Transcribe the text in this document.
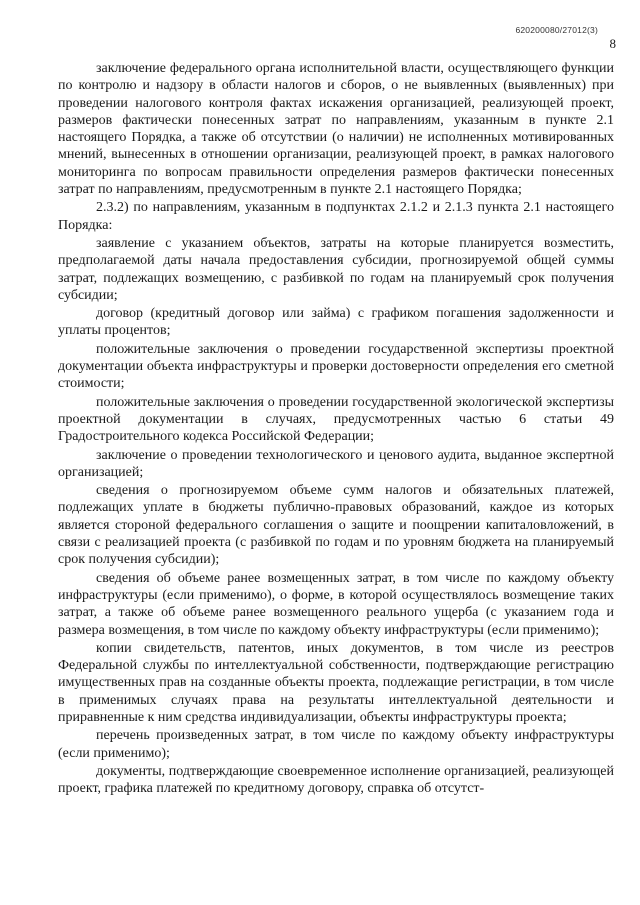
620200080/27012(3)
8

заключение федерального органа исполнительной власти, осуществляющего функции по контролю и надзору в области налогов и сборов, о не выявленных (выявленных) при проведении налогового контроля фактах искажения организацией, реализующей проект, размеров фактически понесенных затрат по направлениям, указанным в пункте 2.1 настоящего Порядка, а также об отсутствии (о наличии) не исполненных мотивированных мнений, вынесенных в отношении организации, реализующей проект, в рамках налогового мониторинга по вопросам правильности определения размеров фактически понесенных затрат по направлениям, предусмотренным в пункте 2.1 настоящего Порядка;

2.3.2) по направлениям, указанным в подпунктах 2.1.2 и 2.1.3 пункта 2.1 настоящего Порядка:

заявление с указанием объектов, затраты на которые планируется возместить, предполагаемой даты начала предоставления субсидии, прогнозируемой общей суммы затрат, подлежащих возмещению, с разбивкой по годам на планируемый срок получения субсидии;

договор (кредитный договор или займа) с графиком погашения задолженности и уплаты процентов;

положительные заключения о проведении государственной экспертизы проектной документации объекта инфраструктуры и проверки достоверности определения его сметной стоимости;

положительные заключения о проведении государственной экологической экспертизы проектной документации в случаях, предусмотренных частью 6 статьи 49 Градостроительного кодекса Российской Федерации;

заключение о проведении технологического и ценового аудита, выданное экспертной организацией;

сведения о прогнозируемом объеме сумм налогов и обязательных платежей, подлежащих уплате в бюджеты публично-правовых образований, каждое из которых является стороной федерального соглашения о защите и поощрении капиталовложений, в связи с реализацией проекта (с разбивкой по годам и по уровням бюджета на планируемый срок получения субсидии);

сведения об объеме ранее возмещенных затрат, в том числе по каждому объекту инфраструктуры (если применимо), о форме, в которой осуществлялось возмещение таких затрат, а также об объеме ранее возмещенного реального ущерба (с указанием года и размера возмещения, в том числе по каждому объекту инфраструктуры (если применимо);

копии свидетельств, патентов, иных документов, в том числе из реестров Федеральной службы по интеллектуальной собственности, подтверждающие регистрацию имущественных прав на созданные объекты проекта, подлежащие регистрации, в том числе в применимых случаях права на результаты интеллектуальной деятельности и приравненные к ним средства индивидуализации, объекты инфраструктуры проекта;

перечень произведенных затрат, в том числе по каждому объекту инфраструктуры (если применимо);

документы, подтверждающие своевременное исполнение организацией, реализующей проект, графика платежей по кредитному договору, справка об отсутст-
